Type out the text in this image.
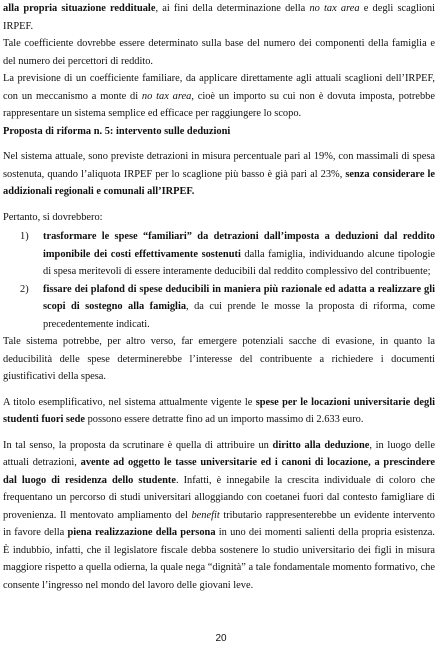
alla propria situazione reddituale, ai fini della determinazione della no tax area e degli scaglioni IRPEF.

Tale coefficiente dovrebbe essere determinato sulla base del numero dei componenti della famiglia e del numero dei percettori di reddito.

La previsione di un coefficiente familiare, da applicare direttamente agli attuali scaglioni dell’IRPEF, con un meccanismo a monte di no tax area, cioè un importo su cui non è dovuta imposta, potrebbe rappresentare un sistema semplice ed efficace per raggiungere lo scopo.

Proposta di riforma n. 5: intervento sulle deduzioni

Nel sistema attuale, sono previste detrazioni in misura percentuale pari al 19%, con massimali di spesa sostenuta, quando l’aliquota IRPEF per lo scaglione più basso è già pari al 23%, senza considerare le addizionali regionali e comunali all’IRPEF.

Pertanto, si dovrebbero:

1) trasformare le spese “familiari” da detrazioni dall’imposta a deduzioni dal reddito imponibile dei costi effettivamente sostenuti dalla famiglia, individuando alcune tipologie di spesa meritevoli di essere interamente deducibili dal reddito complessivo del contribuente;
2) fissare dei plafond di spese deducibili in maniera più razionale ed adatta a realizzare gli scopi di sostegno alla famiglia, da cui prende le mosse la proposta di riforma, come precedentemente indicati.

Tale sistema potrebbe, per altro verso, far emergere potenziali sacche di evasione, in quanto la deducibilità delle spese determinerebbe l’interesse del contribuente a richiedere i documenti giustificativi della spesa.

A titolo esemplificativo, nel sistema attualmente vigente le spese per le locazioni universitarie degli studenti fuori sede possono essere detratte fino ad un importo massimo di 2.633 euro.

In tal senso, la proposta da scrutinare è quella di attribuire un diritto alla deduzione, in luogo delle attuali detrazioni, avente ad oggetto le tasse universitarie ed i canoni di locazione, a prescindere dal luogo di residenza dello studente. Infatti, è innegabile la crescita individuale di coloro che frequentano un percorso di studi universitari alloggiando con coetanei fuori dal contesto famigliare di provenienza. Il mentovato ampliamento del benefit tributario rappresenterebbe un evidente intervento in favore della piena realizzazione della persona in uno dei momenti salienti della propria esistenza. È indubbio, infatti, che il legislatore fiscale debba sostenere lo studio universitario dei figli in misura maggiore rispetto a quella odierna, la quale nega “dignità” a tale fondamentale momento formativo, che consente l’ingresso nel mondo del lavoro delle giovani leve.

20
